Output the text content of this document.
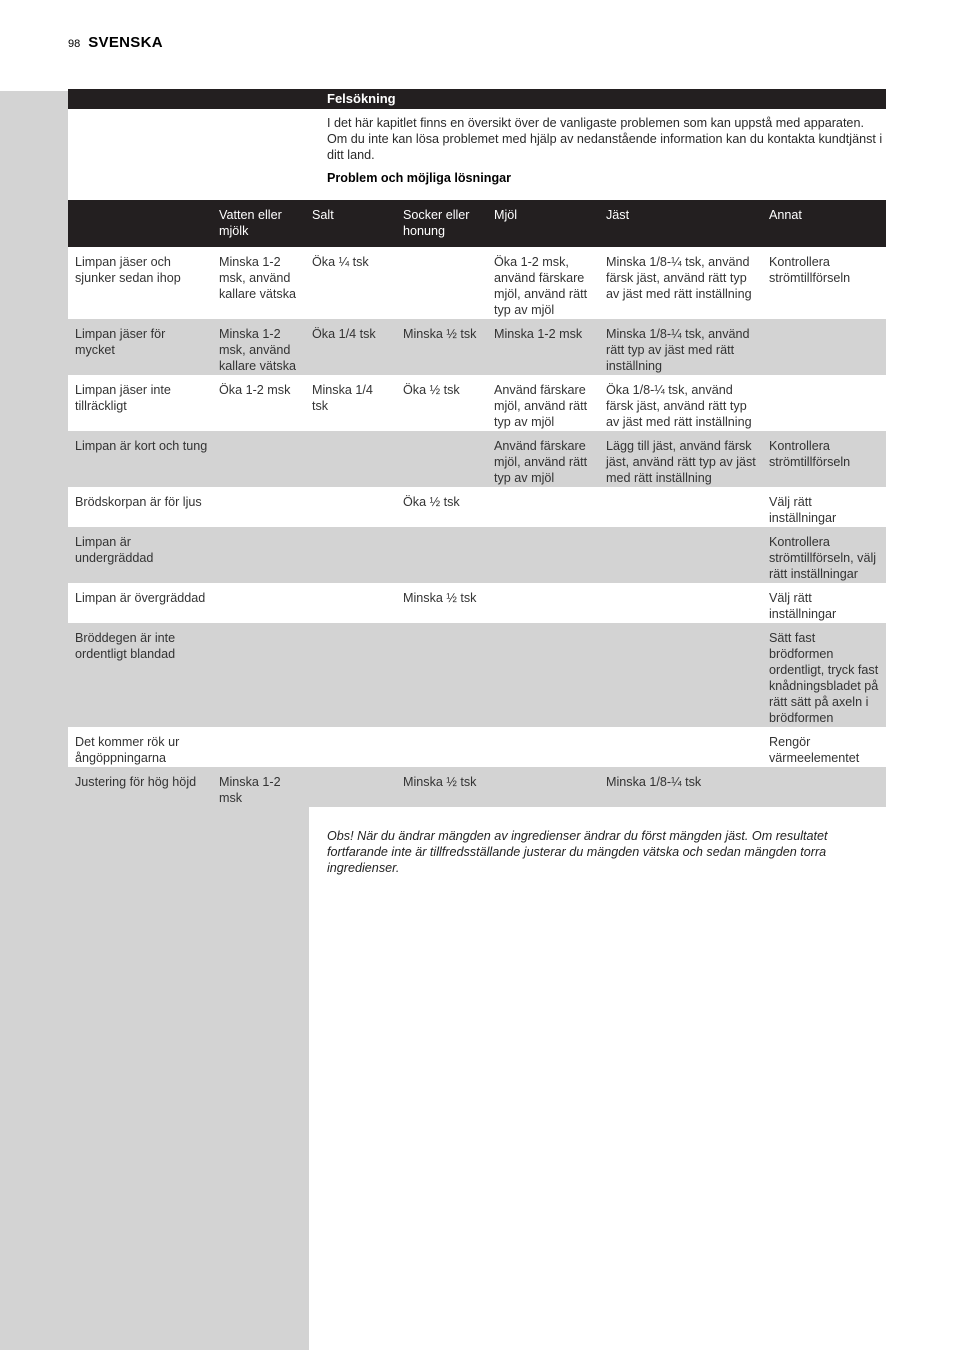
98 SVENSKA
Felsökning

I det här kapitlet finns en översikt över de vanligaste problemen som kan uppstå med apparaten. Om du inte kan lösa problemet med hjälp av nedanstående information kan du kontakta kundtjänst i ditt land.

Problem och möjliga lösningar

	Vatten eller mjölk	Salt	Socker eller honung	Mjöl	Jäst	Annat
Limpan jäser och sjunker sedan ihop	Minska 1-2 msk, använd kallare vätska	Öka ¼ tsk		Öka 1-2 msk, använd färskare mjöl, använd rätt typ av mjöl	Minska 1/8-¼ tsk, använd färsk jäst, använd rätt typ av jäst med rätt inställning	Kontrollera strömtillförseln
Limpan jäser för mycket	Minska 1-2 msk, använd kallare vätska	Öka 1/4 tsk	Minska ½ tsk	Minska 1-2 msk	Minska 1/8-¼ tsk, använd rätt typ av jäst med rätt inställning	
Limpan jäser inte tillräckligt	Öka 1-2 msk	Minska 1/4 tsk	Öka ½ tsk	Använd färskare mjöl, använd rätt typ av mjöl	Öka 1/8-¼ tsk, använd färsk jäst, använd rätt typ av jäst med rätt inställning	
Limpan är kort och tung				Använd färskare mjöl, använd rätt typ av mjöl	Lägg till jäst, använd färsk jäst, använd rätt typ av jäst med rätt inställning	Kontrollera strömtillförseln
Brödskorpan är för ljus			Öka ½ tsk			Välj rätt inställningar
Limpan är undergräddad						Kontrollera strömtillförseln, välj rätt inställningar
Limpan är övergräddad			Minska ½ tsk			Välj rätt inställningar
Bröddegen är inte ordentligt blandad						Sätt fast brödformen ordentligt, tryck fast knådningsbladet på rätt sätt på axeln i brödformen
Det kommer rök ur ångöppningarna						Rengör värmeelementet
Justering för hög höjd	Minska 1-2 msk		Minska ½ tsk		Minska 1/8-¼ tsk	

Obs! När du ändrar mängden av ingredienser ändrar du först mängden jäst. Om resultatet fortfarande inte är tillfredsställande justerar du mängden vätska och sedan mängden torra ingredienser.
